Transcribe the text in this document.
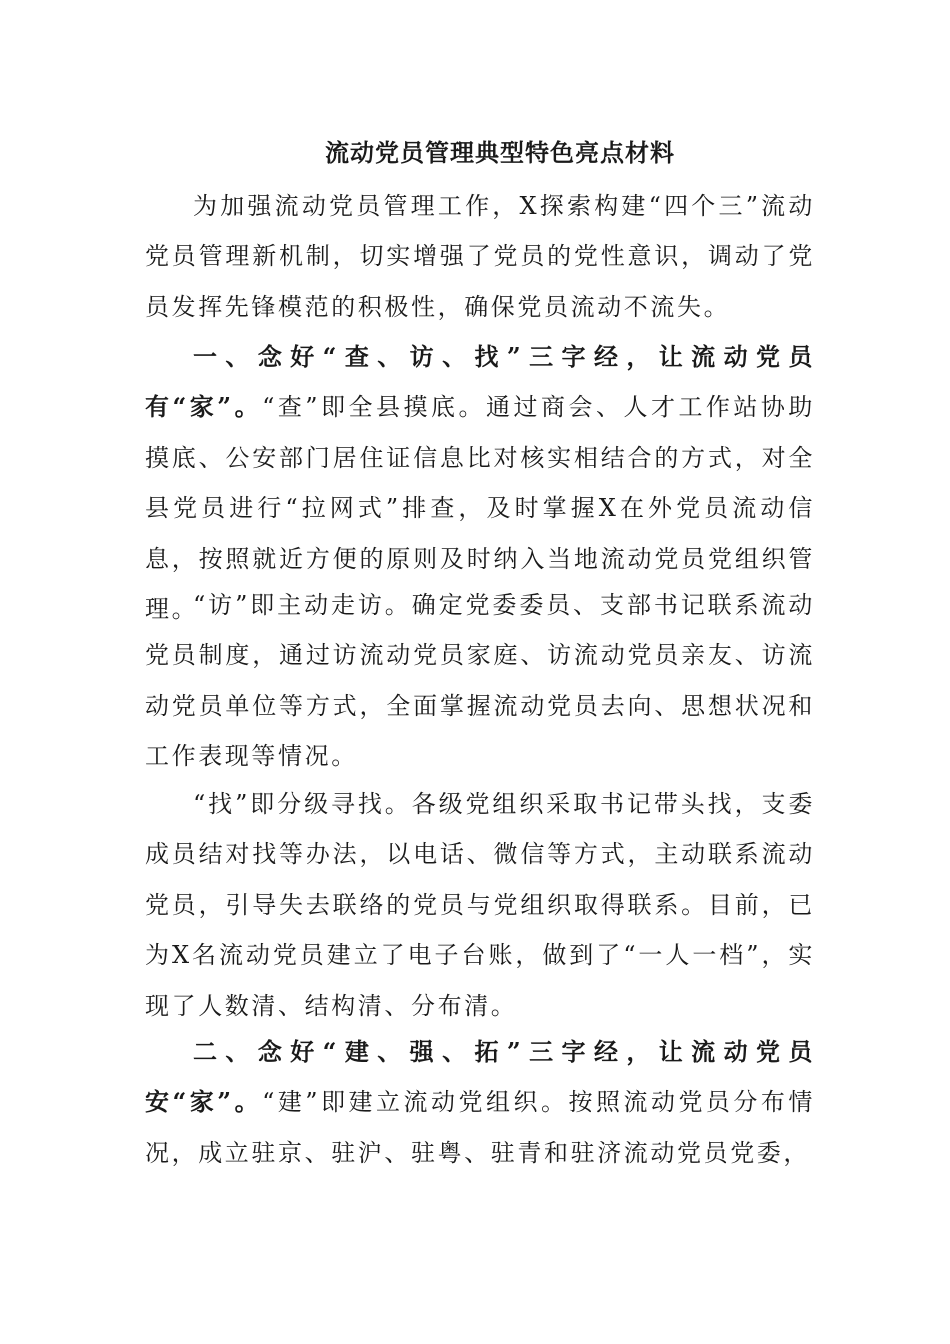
流动党员管理典型特色亮点材料

为加强流动党员管理工作，X探索构建“四个三”流动党员管理新机制，切实增强了党员的党性意识，调动了党员发挥先锋模范的积极性，确保党员流动不流失。

一、念好“查、访、找”三字经，让流动党员有“家”。“查”即全县摸底。通过商会、人才工作站协助摸底、公安部门居住证信息比对核实相结合的方式，对全县党员进行“拉网式”排查，及时掌握X在外党员流动信息，按照就近方便的原则及时纳入当地流动党员党组织管理。

“访”即主动走访。确定党委委员、支部书记联系流动党员制度，通过访流动党员家庭、访流动党员亲友、访流动党员单位等方式，全面掌握流动党员去向、思想状况和工作表现等情况。

“找”即分级寻找。各级党组织采取书记带头找，支委成员结对找等办法，以电话、微信等方式，主动联系流动党员，引导失去联络的党员与党组织取得联系。目前，已为X名流动党员建立了电子台账，做到了“一人一档”，实现了人数清、结构清、分布清。

二、念好“建、强、拓”三字经，让流动党员安“家”。“建”即建立流动党组织。按照流动党员分布情况，成立驻京、驻沪、驻粤、驻青和驻济流动党员党委，
